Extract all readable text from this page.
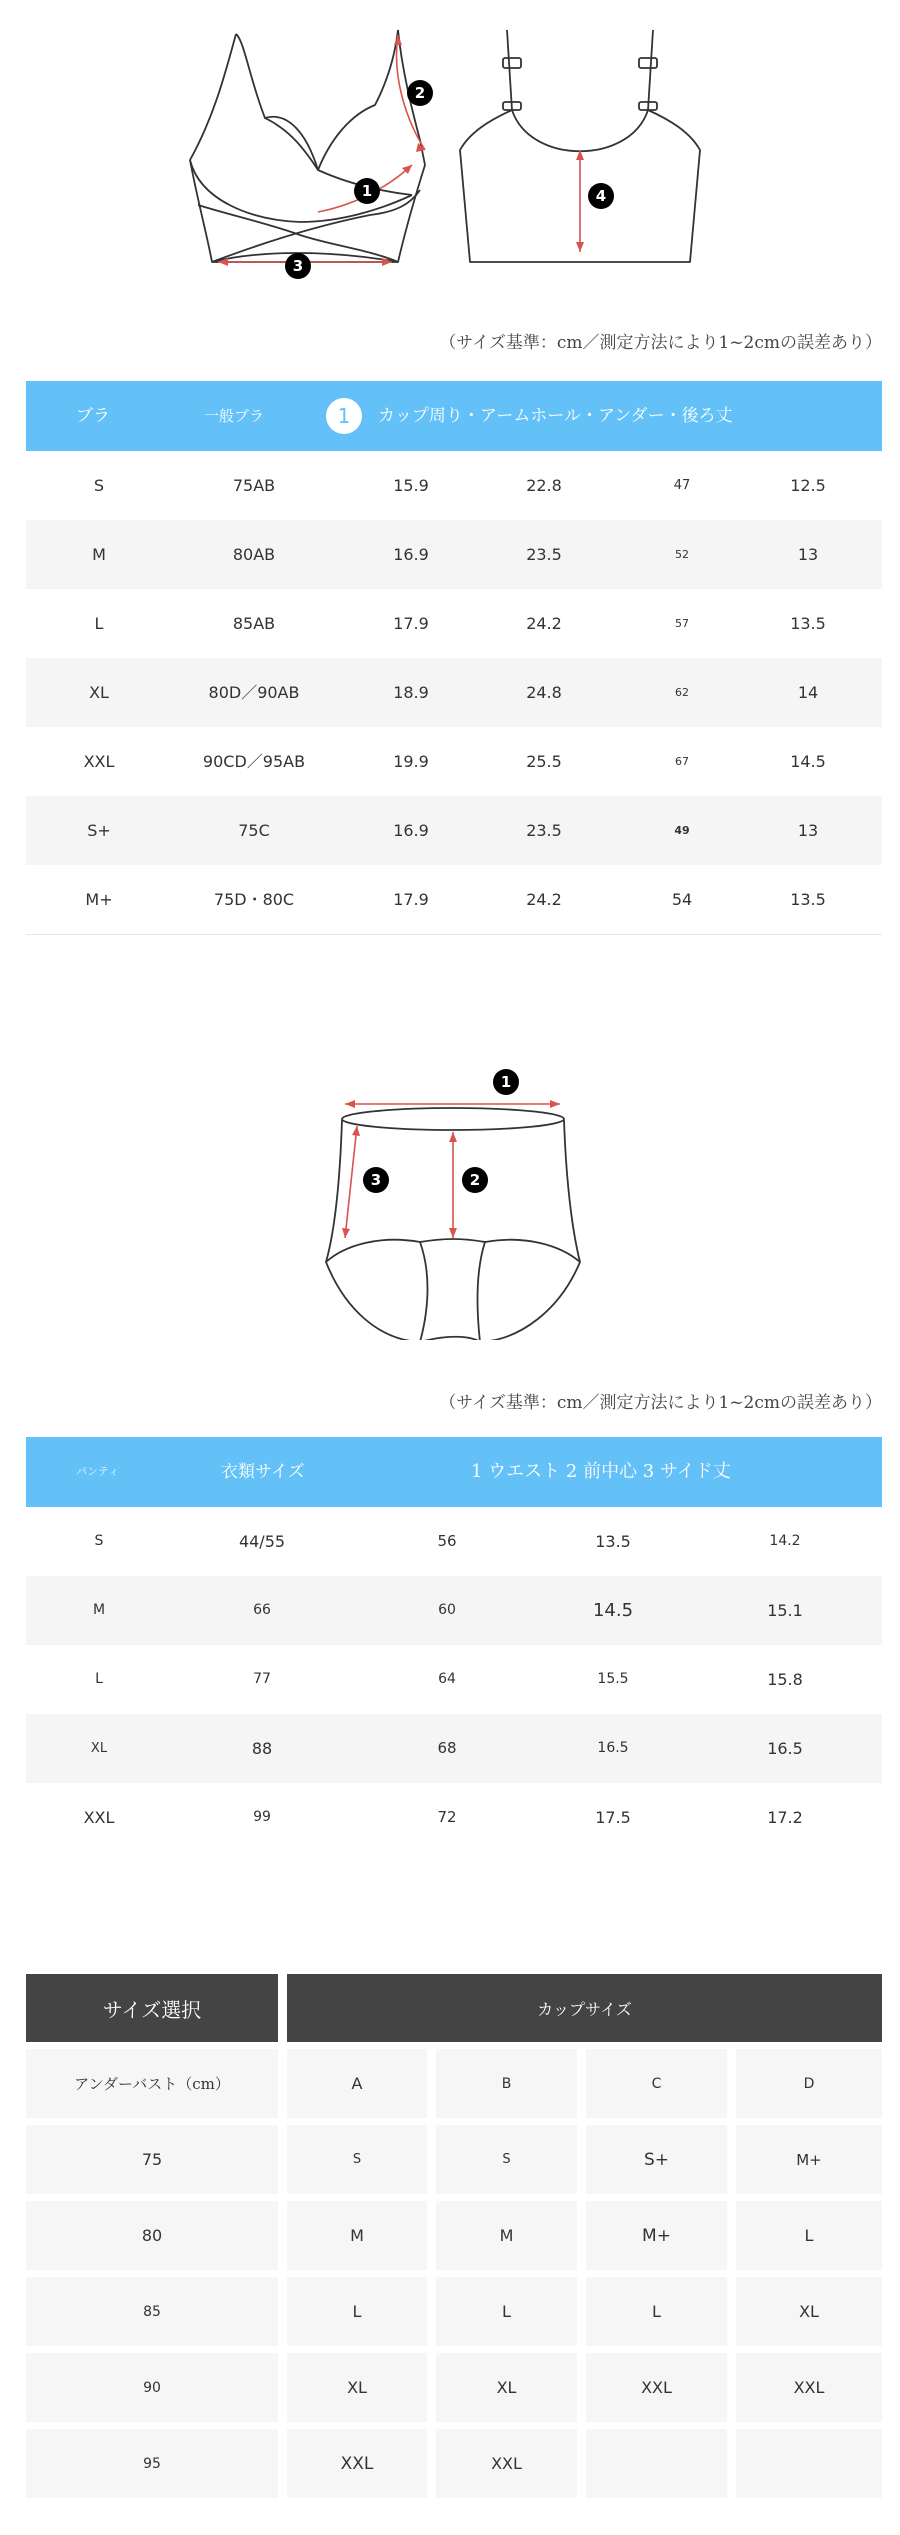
1
2
3
4
（サイズ基準：cm／測定方法により1~2cmの誤差あり）
ブラ	一般ブラ	1	カップ周り・アームホール・アンダー・後ろ丈
S	75AB	15.9	22.8	47	12.5
M	80AB	16.9	23.5	52	13
L	85AB	17.9	24.2	57	13.5
XL	80D／90AB	18.9	24.8	62	14
XXL	90CD／95AB	19.9	25.5	67	14.5
S+	75C	16.9	23.5	49	13
M+	75D・80C	17.9	24.2	54	13.5
1
2
3
（サイズ基準：cm／測定方法により1~2cmの誤差あり）
パンティ	衣類サイズ	1 ウエスト 2 前中心 3 サイド丈
S	44/55	56	13.5	14.2
M	66	60	14.5	15.1
L	77	64	15.5	15.8
XL	88	68	16.5	16.5
XXL	99	72	17.5	17.2
サイズ選択	カップサイズ
アンダーバスト（cm）	A	B	C	D
75	S	S	S+	M+
80	M	M	M+	L
85	L	L	L	XL
90	XL	XL	XXL	XXL
95	XXL	XXL
